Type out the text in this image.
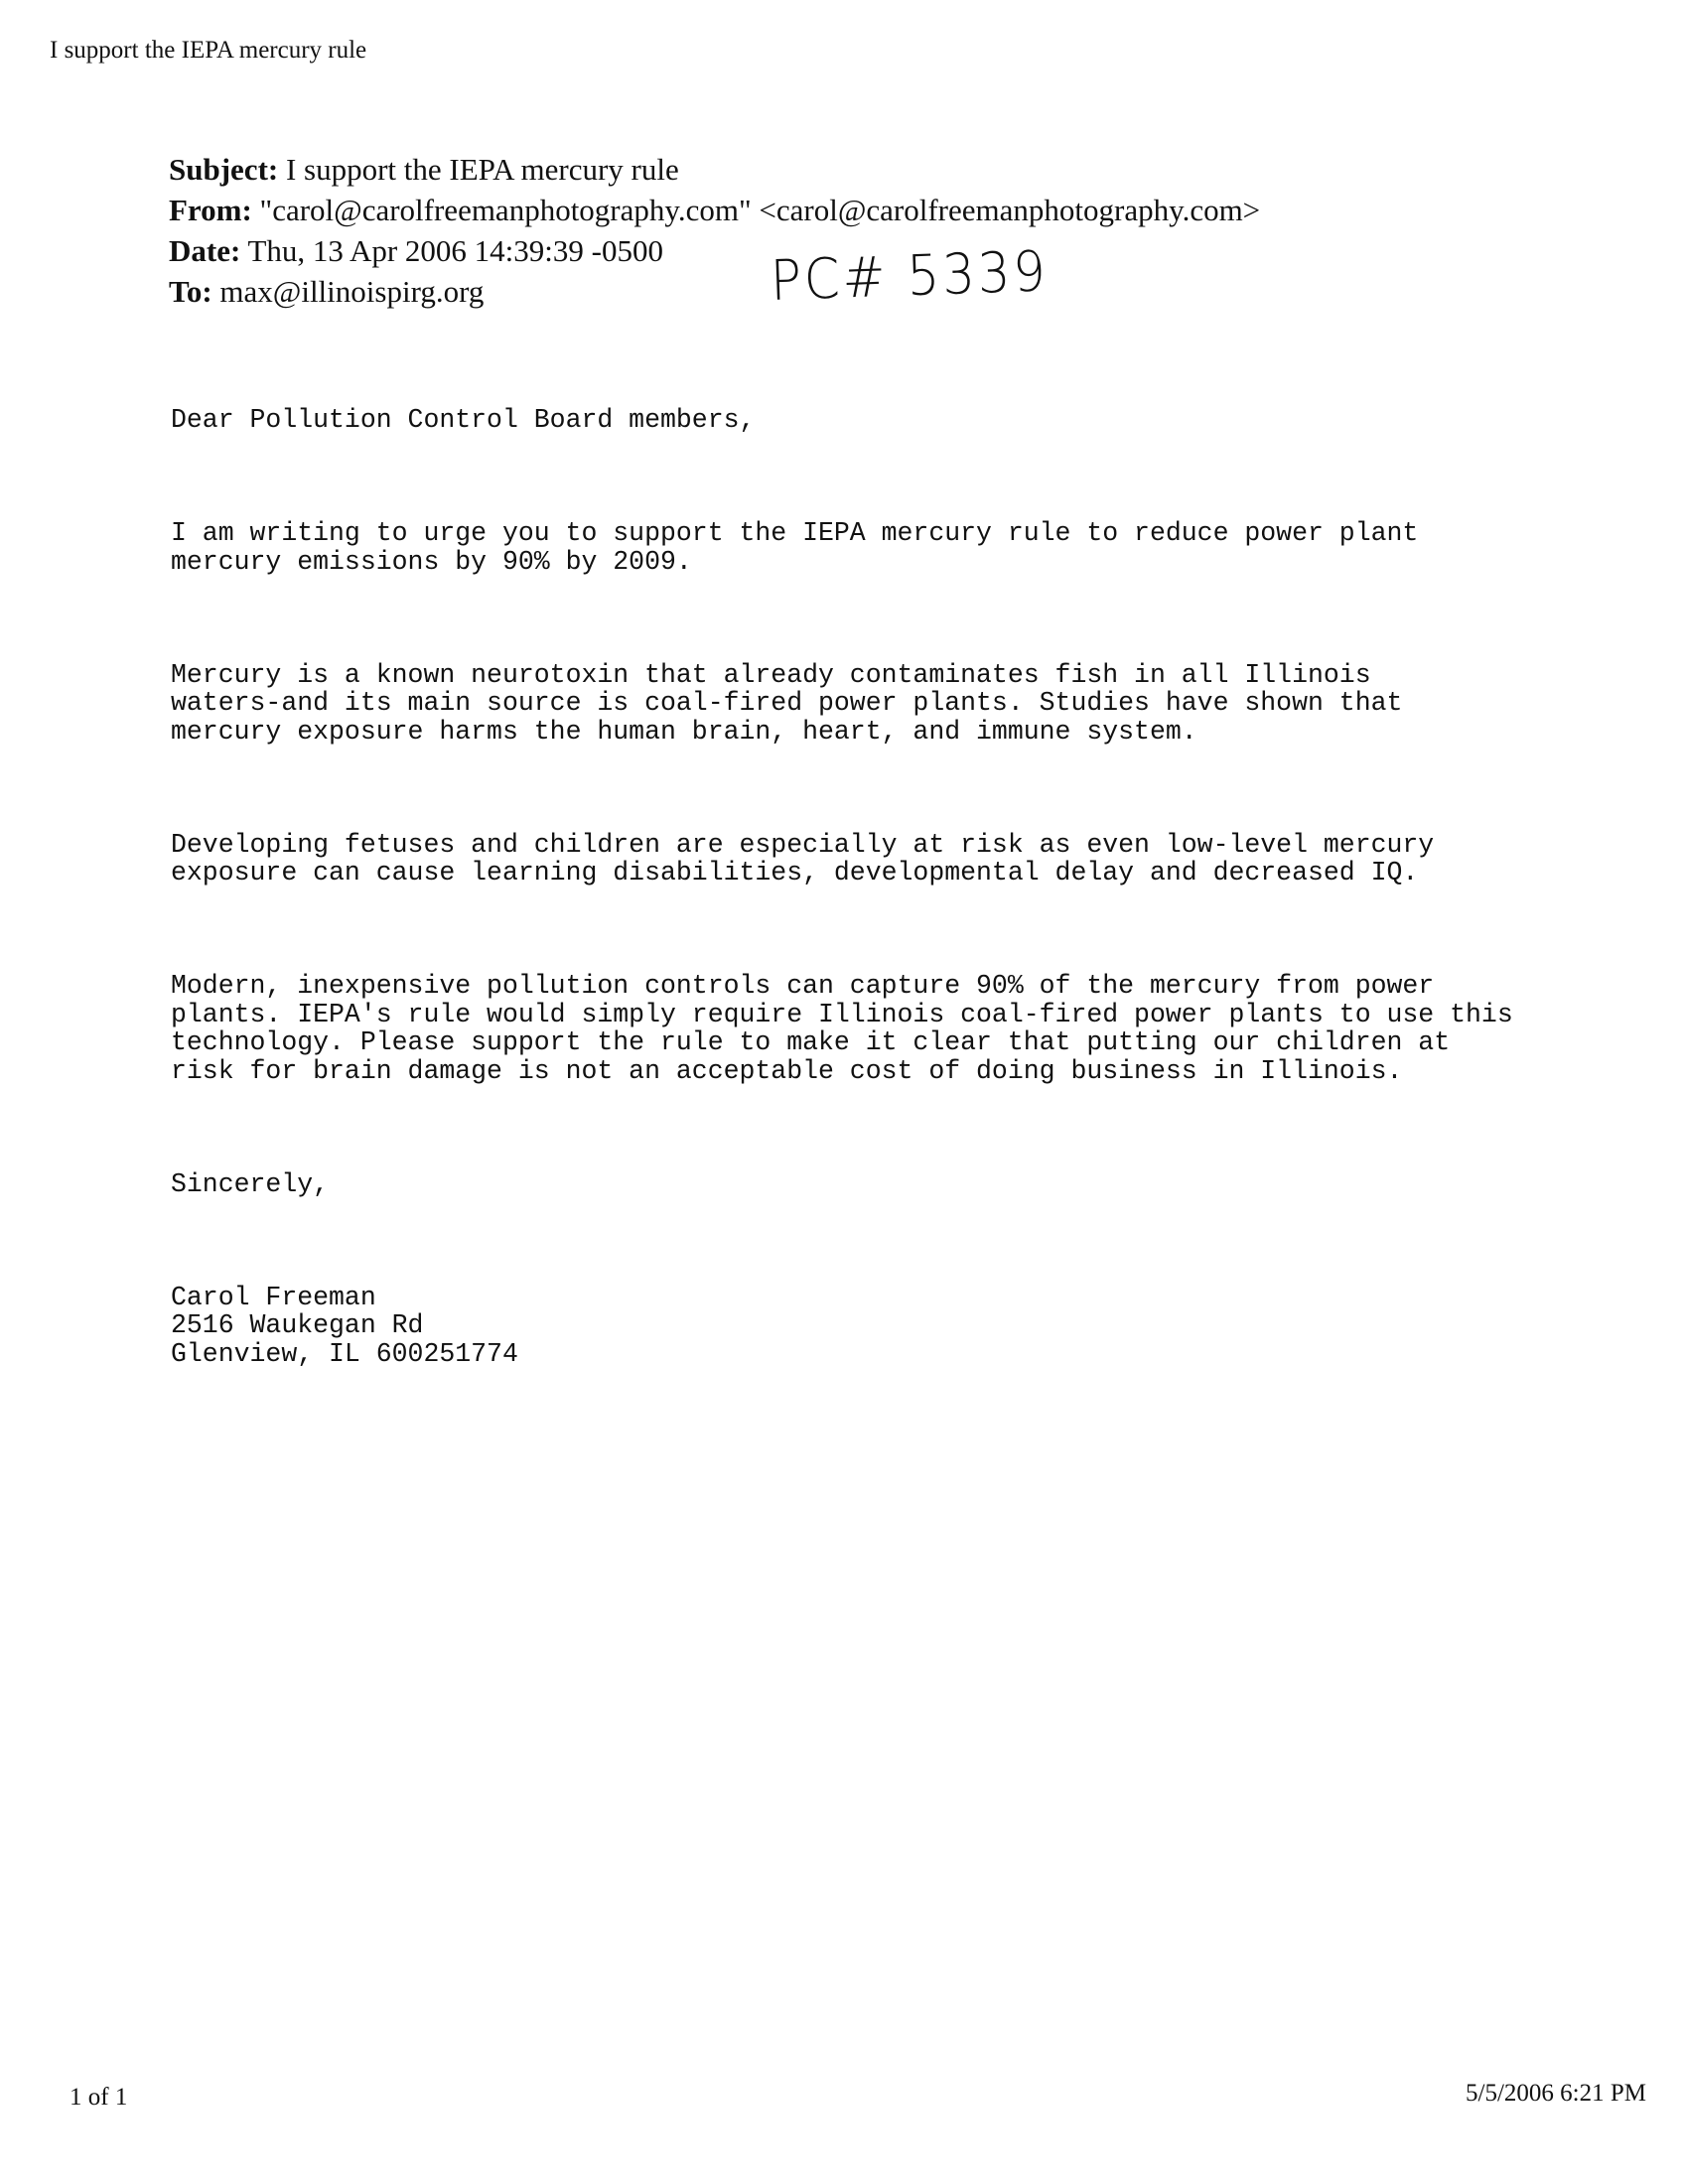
I support the IEPA mercury rule
Subject: I support the IEPA mercury rule
From: "carol@carolfreemanphotography.com" <carol@carolfreemanphotography.com>
Date: Thu, 13 Apr 2006 14:39:39 -0500
To: max@illinoispirg.org	PC# 5339

Dear Pollution Control Board members,

I am writing to urge you to support the IEPA mercury rule to reduce power plant
mercury emissions by 90% by 2009.

Mercury is a known neurotoxin that already contaminates fish in all Illinois
waters-and its main source is coal-fired power plants. Studies have shown that
mercury exposure harms the human brain, heart, and immune system.

Developing fetuses and children are especially at risk as even low-level mercury
exposure can cause learning disabilities, developmental delay and decreased IQ.

Modern, inexpensive pollution controls can capture 90% of the mercury from power
plants. IEPA's rule would simply require Illinois coal-fired power plants to use this
technology. Please support the rule to make it clear that putting our children at
risk for brain damage is not an acceptable cost of doing business in Illinois.

Sincerely,

Carol Freeman
2516 Waukegan Rd
Glenview, IL 600251774

1 of 1	5/5/2006 6:21 PM
